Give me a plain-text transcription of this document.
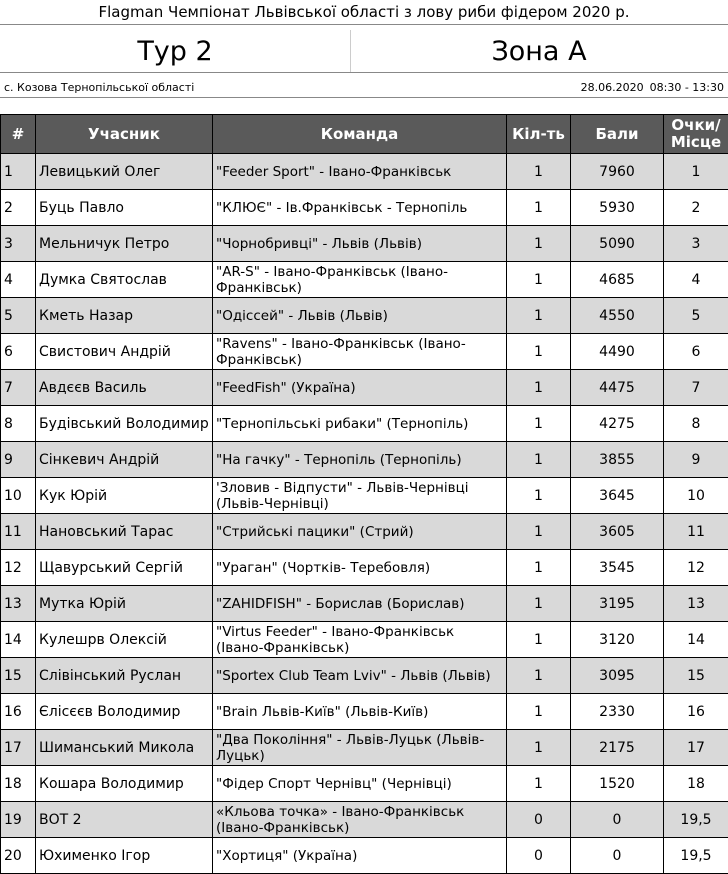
Flagman Чемпіонат Львівської області з лову риби фідером 2020 р.
Тур 2	Зона А
с. Козова Тернопільської області	28.06.2020 08:30 - 13:30
#	Учасник	Команда	Кіл-ть	Бали	Очки/ Місце
1	Левицький Олег	"Feeder Sport" - Івано-Франківськ	1	7960	1
2	Буць Павло	"КЛЮЄ" - Ів.Франківськ - Тернопіль	1	5930	2
3	Мельничук Петро	"Чорнобривці" - Львів (Львів)	1	5090	3
4	Думка Святослав	"AR-S" - Івано-Франківськ (Івано-Франківськ)	1	4685	4
5	Кметь Назар	"Одіссей" - Львів (Львів)	1	4550	5
6	Свистович Андрій	"Ravens" - Івано-Франківськ (Івано-Франківськ)	1	4490	6
7	Авдєєв Василь	"FeedFish" (Україна)	1	4475	7
8	Будівський Володимир	"Тернопільські рибаки" (Тернопіль)	1	4275	8
9	Сінкевич Андрій	"На гачку" - Тернопіль (Тернопіль)	1	3855	9
10	Кук Юрій	'Зловив - Відпусти" - Львів-Чернівці (Львів-Чернівці)	1	3645	10
11	Нановський Тарас	"Стрийські пацики" (Стрий)	1	3605	11
12	Щавурський Сергій	"Ураган" (Чортків- Теребовля)	1	3545	12
13	Мутка Юрій	"ZAHIDFISH" - Борислав (Борислав)	1	3195	13
14	Кулешрв Олексій	"Virtus Feeder" - Івано-Франківськ (Івано-Франківськ)	1	3120	14
15	Слівінський Руслан	"Sportex Club Team Lviv" - Львів (Львів)	1	3095	15
16	Єлісєєв Володимир	"Brain Львів-Київ" (Львів-Київ)	1	2330	16
17	Шиманський Микола	"Два Покоління" - Львів-Луцьк (Львів-Луцьк)	1	2175	17
18	Кошара Володимир	"Фідер Спорт Чернівц" (Чернівці)	1	1520	18
19	ВОТ 2	«Кльова точка» - Івано-Франківськ (Івано-Франківськ)	0	0	19,5
20	Юхименко Ігор	"Хортиця" (Україна)	0	0	19,5
